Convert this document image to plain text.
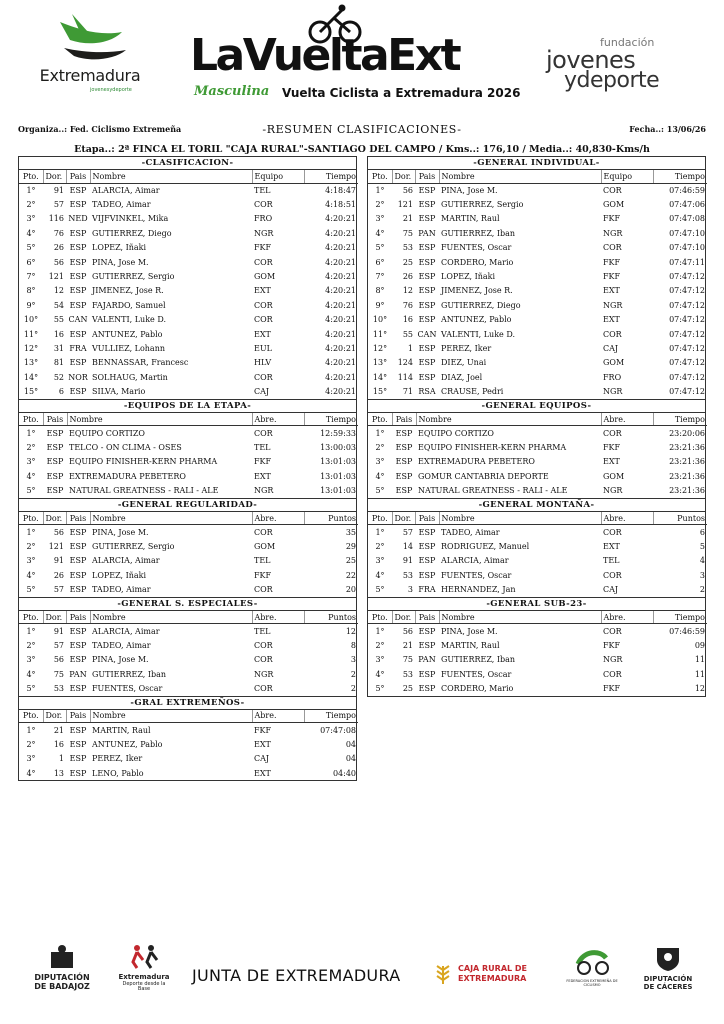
Extremadura
jovenesydeporte
LaVueltaExt
Masculina Vuelta Ciclista a Extremadura 2026
fundación
jovenes
ydeporte
Organiza..: Fed. Ciclismo Extremeña	-RESUMEN CLASIFICACIONES-	Fecha..: 13/06/26
Etapa..: 2ª FINCA EL TORIL "CAJA RURAL"-SANTIAGO DEL CAMPO / Kms..: 176,10 / Media..: 40,830-Kms/h
-CLASIFICACION-
Pto.	Dor.	Pais	Nombre	Equipo	Tiempo
1°	91	ESP	ALARCIA, Aimar	TEL	4:18:47
2°	57	ESP	TADEO, Aimar	COR	4:18:51
3°	116	NED	VIJFVINKEL, Mika	FRO	4:20:21
4°	76	ESP	GUTIERREZ, Diego	NGR	4:20:21
5°	26	ESP	LOPEZ, Iñaki	FKF	4:20:21
6°	56	ESP	PINA, Jose M.	COR	4:20:21
7°	121	ESP	GUTIERREZ, Sergio	GOM	4:20:21
8°	12	ESP	JIMENEZ, Jose R.	EXT	4:20:21
9°	54	ESP	FAJARDO, Samuel	COR	4:20:21
10°	55	CAN	VALENTI, Luke D.	COR	4:20:21
11°	16	ESP	ANTUNEZ, Pablo	EXT	4:20:21
12°	31	FRA	VULLIEZ, Lohann	EUL	4:20:21
13°	81	ESP	BENNASSAR, Francesc	HLV	4:20:21
14°	52	NOR	SOLHAUG, Martin	COR	4:20:21
15°	6	ESP	SILVA, Mario	CAJ	4:20:21
-EQUIPOS DE LA ETAPA-
Pto.	Pais	Nombre	Abre.	Tiempo
1°	ESP	EQUIPO CORTIZO	COR	12:59:33
2°	ESP	TELCO - ON CLIMA - OSES	TEL	13:00:03
3°	ESP	EQUIPO FINISHER-KERN PHARMA	FKF	13:01:03
4°	ESP	EXTREMADURA PEBETERO	EXT	13:01:03
5°	ESP	NATURAL GREATNESS - RALI - ALE	NGR	13:01:03
-GENERAL REGULARIDAD-
Pto.	Dor.	Pais	Nombre	Abre.	Puntos
1°	56	ESP	PINA, Jose M.	COR	35
2°	121	ESP	GUTIERREZ, Sergio	GOM	29
3°	91	ESP	ALARCIA, Aimar	TEL	25
4°	26	ESP	LOPEZ, Iñaki	FKF	22
5°	57	ESP	TADEO, Aimar	COR	20
-GENERAL S. ESPECIALES-
Pto.	Dor.	Pais	Nombre	Abre.	Puntos
1°	91	ESP	ALARCIA, Aimar	TEL	12
2°	57	ESP	TADEO, Aimar	COR	8
3°	56	ESP	PINA, Jose M.	COR	3
4°	75	PAN	GUTIERREZ, Iban	NGR	2
5°	53	ESP	FUENTES, Oscar	COR	2
-GRAL EXTREMEÑOS-
Pto.	Dor.	Pais	Nombre	Abre.	Tiempo
1°	21	ESP	MARTIN, Raul	FKF	07:47:08
2°	16	ESP	ANTUNEZ, Pablo	EXT	04
3°	1	ESP	PEREZ, Iker	CAJ	04
4°	13	ESP	LENO, Pablo	EXT	04:40
-GENERAL INDIVIDUAL-
Pto.	Dor.	Pais	Nombre	Equipo	Tiempo
1°	56	ESP	PINA, Jose M.	COR	07:46:59
2°	121	ESP	GUTIERREZ, Sergio	GOM	07:47:06
3°	21	ESP	MARTIN, Raul	FKF	07:47:08
4°	75	PAN	GUTIERREZ, Iban	NGR	07:47:10
5°	53	ESP	FUENTES, Oscar	COR	07:47:10
6°	25	ESP	CORDERO, Mario	FKF	07:47:11
7°	26	ESP	LOPEZ, Iñaki	FKF	07:47:12
8°	12	ESP	JIMENEZ, Jose R.	EXT	07:47:12
9°	76	ESP	GUTIERREZ, Diego	NGR	07:47:12
10°	16	ESP	ANTUNEZ, Pablo	EXT	07:47:12
11°	55	CAN	VALENTI, Luke D.	COR	07:47:12
12°	1	ESP	PEREZ, Iker	CAJ	07:47:12
13°	124	ESP	DIEZ, Unai	GOM	07:47:12
14°	114	ESP	DIAZ, Joel	FRO	07:47:12
15°	71	RSA	CRAUSE, Pedri	NGR	07:47:12
-GENERAL EQUIPOS-
Pto.	Pais	Nombre	Abre.	Tiempo
1°	ESP	EQUIPO CORTIZO	COR	23:20:06
2°	ESP	EQUIPO FINISHER-KERN PHARMA	FKF	23:21:36
3°	ESP	EXTREMADURA PEBETERO	EXT	23:21:36
4°	ESP	GOMUR CANTABRIA DEPORTE	GOM	23:21:36
5°	ESP	NATURAL GREATNESS - RALI - ALE	NGR	23:21:36
-GENERAL MONTAÑA-
Pto.	Dor.	Pais	Nombre	Abre.	Puntos
1°	57	ESP	TADEO, Aimar	COR	6
2°	14	ESP	RODRIGUEZ, Manuel	EXT	5
3°	91	ESP	ALARCIA, Aimar	TEL	4
4°	53	ESP	FUENTES, Oscar	COR	3
5°	3	FRA	HERNANDEZ, Jan	CAJ	2
-GENERAL SUB-23-
Pto.	Dor.	Pais	Nombre	Abre.	Tiempo
1°	56	ESP	PINA, Jose M.	COR	07:46:59
2°	21	ESP	MARTIN, Raul	FKF	09
3°	75	PAN	GUTIERREZ, Iban	NGR	11
4°	53	ESP	FUENTES, Oscar	COR	11
5°	25	ESP	CORDERO, Mario	FKF	12
DIPUTACIÓN
DE BADAJOZ
Extremadura
Deporte desde la Base
JUNTA DE EXTREMADURA	CAJA RURAL DE
EXTREMADURA	FEDERACION EXTREMEÑA DE CICLISMO
DIPUTACIÓN
DE CÁCERES
